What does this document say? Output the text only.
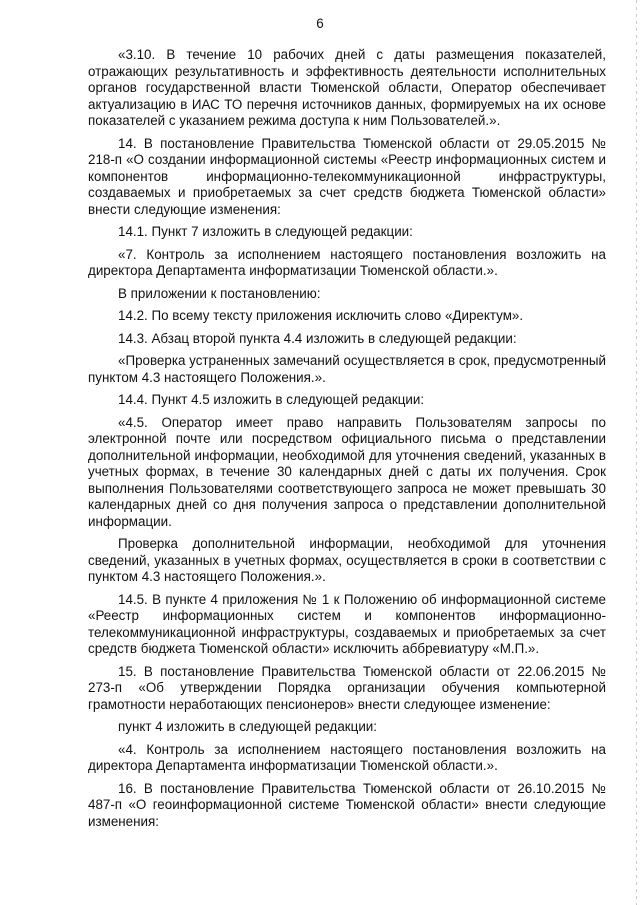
6

«3.10. В течение 10 рабочих дней с даты размещения показателей, отражающих результативность и эффективность деятельности исполнительных органов государственной власти Тюменской области, Оператор обеспечивает актуализацию в ИАС ТО перечня источников данных, формируемых на их основе показателей с указанием режима доступа к ним Пользователей.».

14. В постановление Правительства Тюменской области от 29.05.2015 № 218-п «О создании информационной системы «Реестр информационных систем и компонентов информационно-телекоммуникационной инфраструктуры, создаваемых и приобретаемых за счет средств бюджета Тюменской области» внести следующие изменения:

14.1. Пункт 7 изложить в следующей редакции:

«7. Контроль за исполнением настоящего постановления возложить на директора Департамента информатизации Тюменской области.».

В приложении к постановлению:

14.2. По всему тексту приложения исключить слово «Директум».

14.3. Абзац второй пункта 4.4 изложить в следующей редакции:

«Проверка устраненных замечаний осуществляется в срок, предусмотренный пунктом 4.3 настоящего Положения.».

14.4. Пункт 4.5 изложить в следующей редакции:

«4.5. Оператор имеет право направить Пользователям запросы по электронной почте или посредством официального письма о представлении дополнительной информации, необходимой для уточнения сведений, указанных в учетных формах, в течение 30 календарных дней с даты их получения. Срок выполнения Пользователями соответствующего запроса не может превышать 30 календарных дней со дня получения запроса о представлении дополнительной информации.

Проверка дополнительной информации, необходимой для уточнения сведений, указанных в учетных формах, осуществляется в сроки в соответствии с пунктом 4.3 настоящего Положения.».

14.5. В пункте 4 приложения № 1 к Положению об информационной системе «Реестр информационных систем и компонентов информационно-телекоммуникационной инфраструктуры, создаваемых и приобретаемых за счет средств бюджета Тюменской области» исключить аббревиатуру «М.П.».

15. В постановление Правительства Тюменской области от 22.06.2015 № 273-п «Об утверждении Порядка организации обучения компьютерной грамотности неработающих пенсионеров» внести следующее изменение:

пункт 4 изложить в следующей редакции:

«4. Контроль за исполнением настоящего постановления возложить на директора Департамента информатизации Тюменской области.».

16. В постановление Правительства Тюменской области от 26.10.2015 № 487-п «О геоинформационной системе Тюменской области» внести следующие изменения:
